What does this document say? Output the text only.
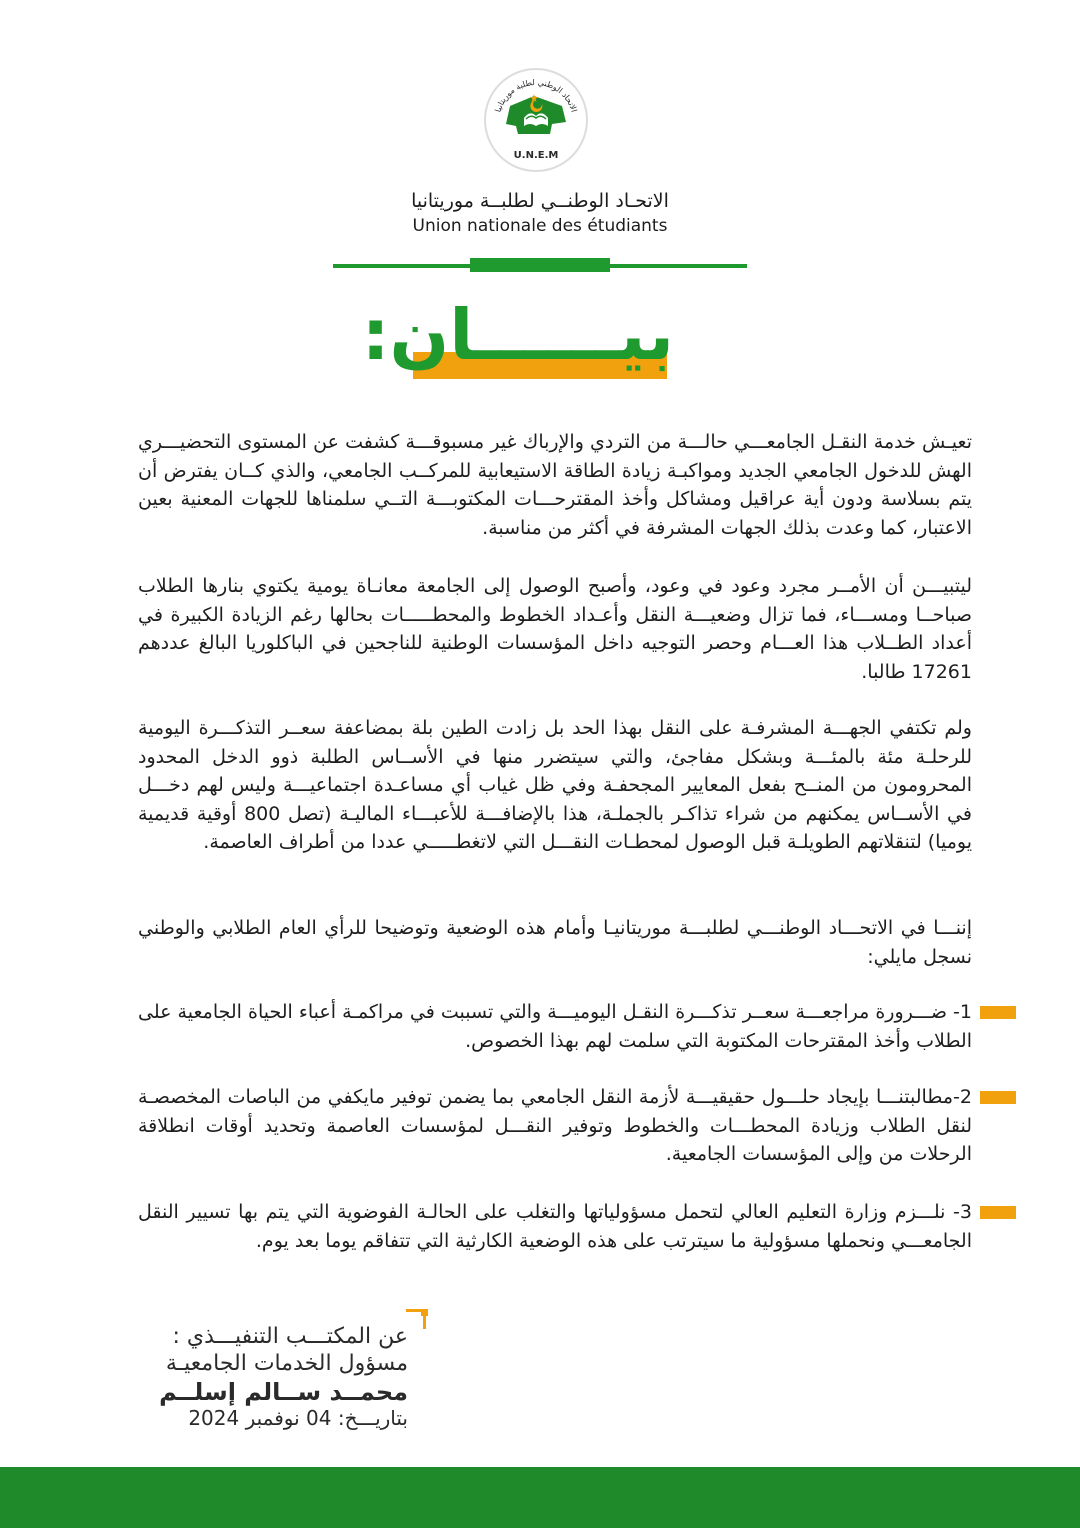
الاتحاد الوطني لطلبة موريتانيا
U.N.E.M
الاتحـاد الوطنــي لطلبــة موريتانيا
Union nationale des étudiants
بيــــــان:

تعيـش خدمة النقـل الجامعـــي حالـــة من التردي والإرباك غير مسبوقـــة كشفت عن المستوى التحضيـــري الهش للدخول الجامعي الجديد ومواكبـة زيادة الطاقة الاستيعابية للمركــب الجامعي، والذي كــان يفترض أن يتم بسلاسة ودون أية عراقيل ومشاكل وأخذ المقترحـــات المكتوبـــة التــي سلمناها للجهات المعنية بعين الاعتبار، كما وعدت بذلك الجهات المشرفة في أكثر من مناسبة.

ليتبيـــن أن الأمــر مجرد وعود في وعود، وأصبح الوصول إلى الجامعة معانـاة يومية يكتوي بنارها الطلاب صباحــا ومســـاء، فما تزال وضعيـــة النقل وأعـداد الخطوط والمحطـــــات بحالها رغم الزيادة الكبيرة في أعداد الطــلاب هذا العـــام وحصر التوجيه داخل المؤسسات الوطنية للناجحين في الباكلوريا البالغ عددهم 17261 طالبا.

ولم تكتفي الجهـــة المشرفـة على النقل بهذا الحد بل زادت الطين بلة بمضاعفة سعــر التذكـــرة اليومية للرحلـة مئة بالمئـــة وبشكل مفاجئ، والتي سيتضرر منها في الأســاس الطلبة ذوو الدخل المحدود المحرومون من المنــح بفعل المعايير المجحفـة وفي ظل غياب أي مساعـدة اجتماعيـــة وليس لهم دخـــل في الأســاس يمكنهم من شراء تذاكـر بالجملـة، هذا بالإضافـــة للأعبـــاء الماليـة (تصل 800 أوقية قديمية يوميا) لتنقلاتهم الطويلـة قبل الوصول لمحطـات النقـــل التي لاتغطـــــي عددا من أطراف العاصمة.

إننـــا في الاتحـــاد الوطنـــي لطلبـــة موريتانيـا وأمام هذه الوضعية وتوضيحا للرأي العام الطلابي والوطني نسجل مايلي:

1- ضـــرورة مراجعـــة سعــر تذكـــرة النقـل اليوميـــة والتي تسببت في مراكمـة أعباء الحياة الجامعية على الطلاب وأخذ المقترحات المكتوبة التي سلمت لهم بهذا الخصوص.
2-مطالبتنـــا بإيجاد حلـــول حقيقيـــة لأزمة النقل الجامعي بما يضمن توفير مايكفي من الباصات المخصصـة لنقل الطلاب وزيادة المحطـــات والخطوط وتوفير النقـــل لمؤسسات العاصمة وتحديد أوقات انطلاقة الرحلات من وإلى المؤسسات الجامعية.
3- نلـــزم وزارة التعليم العالي لتحمل مسؤولياتها والتغلب على الحالـة الفوضوية التي يتم بها تسيير النقل الجامعـــي ونحملها مسؤولية ما سيترتب على هذه الوضعية الكارثية التي تتفاقم يوما بعد يوم.
عن المكتـــب التنفيـــذي :
مسؤول الخدمات الجامعيـة
محمــد ســالم إسلــم
بتاريـــخ: 04 نوفمبر 2024
